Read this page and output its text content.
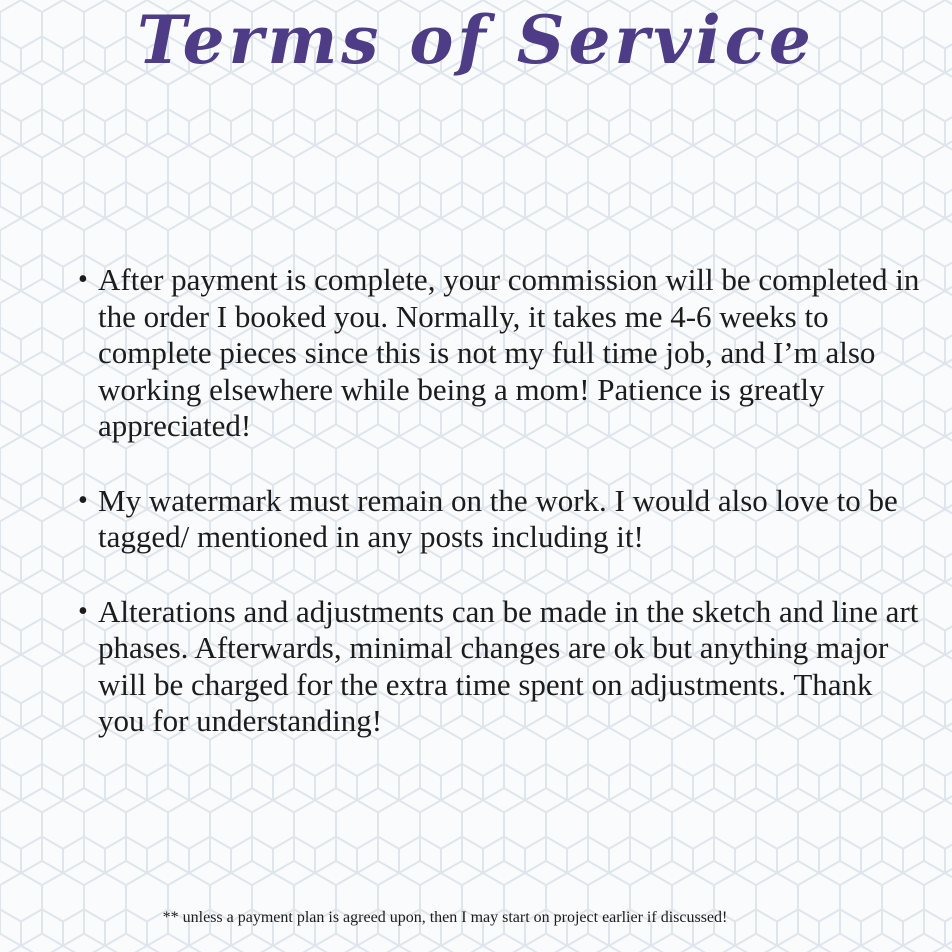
Terms of Service
• After payment is complete, your commission will be completed in the order I booked you. Normally, it takes me 4-6 weeks to complete pieces since this is not my full time job, and I’m also working elsewhere while being a mom! Patience is greatly appreciated!
• My watermark must remain on the work. I would also love to be tagged/ mentioned in any posts including it!
• Alterations and adjustments can be made in the sketch and line art phases. Afterwards, minimal changes are ok but anything major will be charged for the extra time spent on adjustments. Thank you for understanding!

** unless a payment plan is agreed upon, then I may start on project earlier if discussed!
